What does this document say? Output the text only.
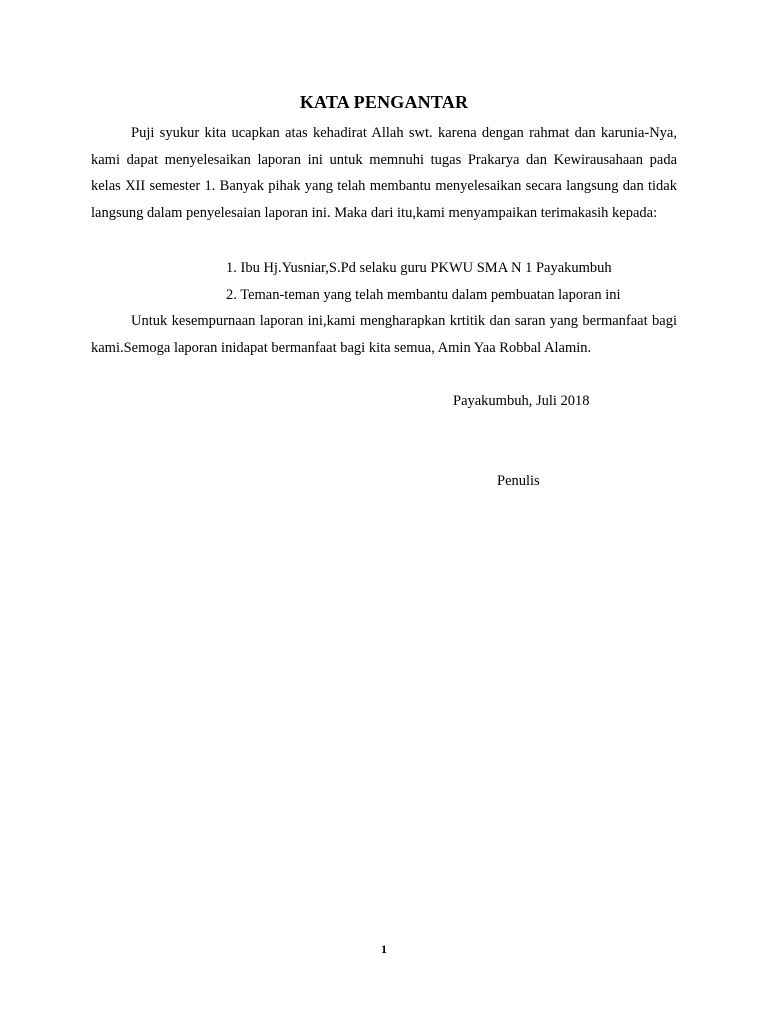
KATA PENGANTAR

Puji syukur kita ucapkan atas kehadirat Allah swt. karena dengan rahmat dan karunia-Nya, kami dapat menyelesaikan laporan ini untuk memnuhi tugas Prakarya dan Kewirausahaan pada kelas XII semester 1. Banyak pihak yang telah membantu menyelesaikan secara langsung dan tidak langsung dalam penyelesaian laporan ini. Maka dari itu,kami menyampaikan terimakasih kepada:

1. Ibu Hj.Yusniar,S.Pd selaku guru PKWU SMA N 1 Payakumbuh
2. Teman-teman yang telah membantu dalam pembuatan laporan ini

Untuk kesempurnaan laporan ini,kami mengharapkan krtitik dan saran yang bermanfaat bagi kami.Semoga laporan inidapat bermanfaat bagi kita semua, Amin Yaa Robbal Alamin.

Payakumbuh, Juli 2018
Penulis
1
